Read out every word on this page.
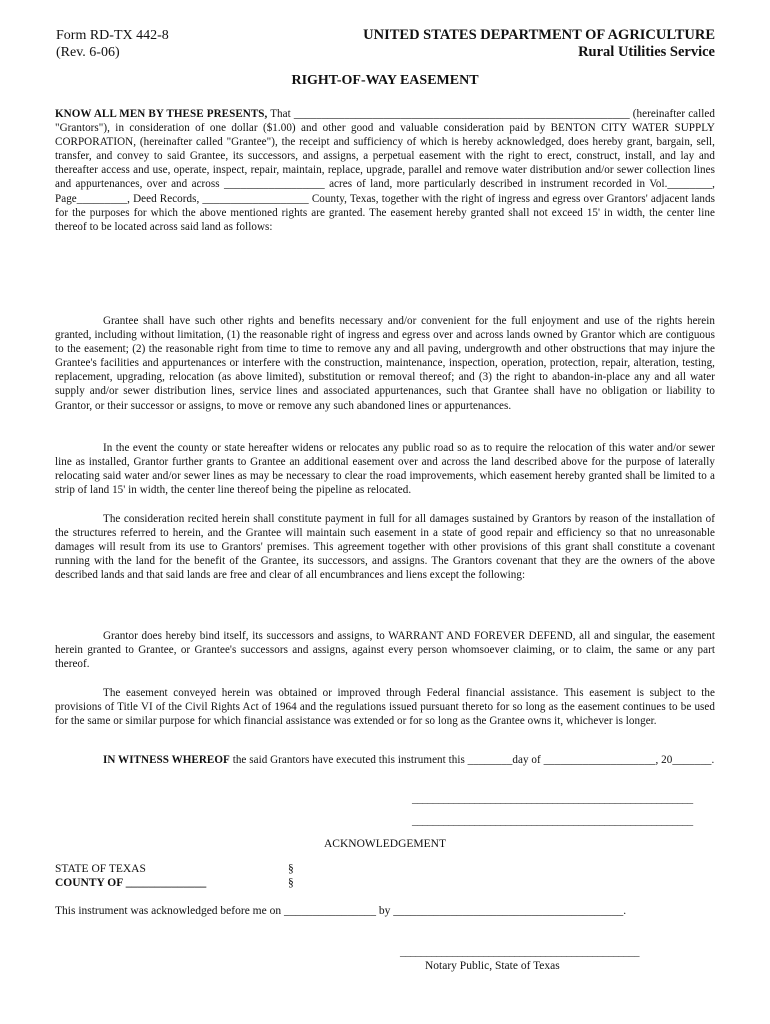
Form RD-TX 442-8
(Rev. 6-06)
UNITED STATES DEPARTMENT OF AGRICULTURE
Rural Utilities Service
RIGHT-OF-WAY EASEMENT
KNOW ALL MEN BY THESE PRESENTS, That ____________________________________________________________ (hereinafter called "Grantors"), in consideration of one dollar ($1.00) and other good and valuable consideration paid by BENTON CITY WATER SUPPLY CORPORATION, (hereinafter called "Grantee"), the receipt and sufficiency of which is hereby acknowledged, does hereby grant, bargain, sell, transfer, and convey to said Grantee, its successors, and assigns, a perpetual easement with the right to erect, construct, install, and lay and thereafter access and use, operate, inspect, repair, maintain, replace, upgrade, parallel and remove water distribution and/or sewer collection lines and appurtenances, over and across __________________ acres of land, more particularly described in instrument recorded in Vol.________, Page_________, Deed Records, ___________________ County, Texas, together with the right of ingress and egress over Grantors' adjacent lands for the purposes for which the above mentioned rights are granted. The easement hereby granted shall not exceed 15' in width, the center line thereof to be located across said land as follows:
Grantee shall have such other rights and benefits necessary and/or convenient for the full enjoyment and use of the rights herein granted, including without limitation, (1) the reasonable right of ingress and egress over and across lands owned by Grantor which are contiguous to the easement; (2) the reasonable right from time to time to remove any and all paving, undergrowth and other obstructions that may injure the Grantee's facilities and appurtenances or interfere with the construction, maintenance, inspection, operation, protection, repair, alteration, testing, replacement, upgrading, relocation (as above limited), substitution or removal thereof; and (3) the right to abandon-in-place any and all water supply and/or sewer distribution lines, service lines and associated appurtenances, such that Grantee shall have no obligation or liability to Grantor, or their successor or assigns, to move or remove any such abandoned lines or appurtenances.
In the event the county or state hereafter widens or relocates any public road so as to require the relocation of this water and/or sewer line as installed, Grantor further grants to Grantee an additional easement over and across the land described above for the purpose of laterally relocating said water and/or sewer lines as may be necessary to clear the road improvements, which easement hereby granted shall be limited to a strip of land 15' in width, the center line thereof being the pipeline as relocated.
The consideration recited herein shall constitute payment in full for all damages sustained by Grantors by reason of the installation of the structures referred to herein, and the Grantee will maintain such easement in a state of good repair and efficiency so that no unreasonable damages will result from its use to Grantors' premises. This agreement together with other provisions of this grant shall constitute a covenant running with the land for the benefit of the Grantee, its successors, and assigns. The Grantors covenant that they are the owners of the above described lands and that said lands are free and clear of all encumbrances and liens except the following:
Grantor does hereby bind itself, its successors and assigns, to WARRANT AND FOREVER DEFEND, all and singular, the easement herein granted to Grantee, or Grantee's successors and assigns, against every person whomsoever claiming, or to claim, the same or any part thereof.
The easement conveyed herein was obtained or improved through Federal financial assistance. This easement is subject to the provisions of Title VI of the Civil Rights Act of 1964 and the regulations issued pursuant thereto for so long as the easement continues to be used for the same or similar purpose for which financial assistance was extended or for so long as the Grantee owns it, whichever is longer.
IN WITNESS WHEREOF the said Grantors have executed this instrument this ________day of ____________________, 20_______.
______________________________________________________
______________________________________________________
ACKNOWLEDGEMENT
STATE OF TEXAS
COUNTY OF ______________
§
§
This instrument was acknowledged before me on ________________ by ________________________________________.
______________________________________________
Notary Public, State of Texas
